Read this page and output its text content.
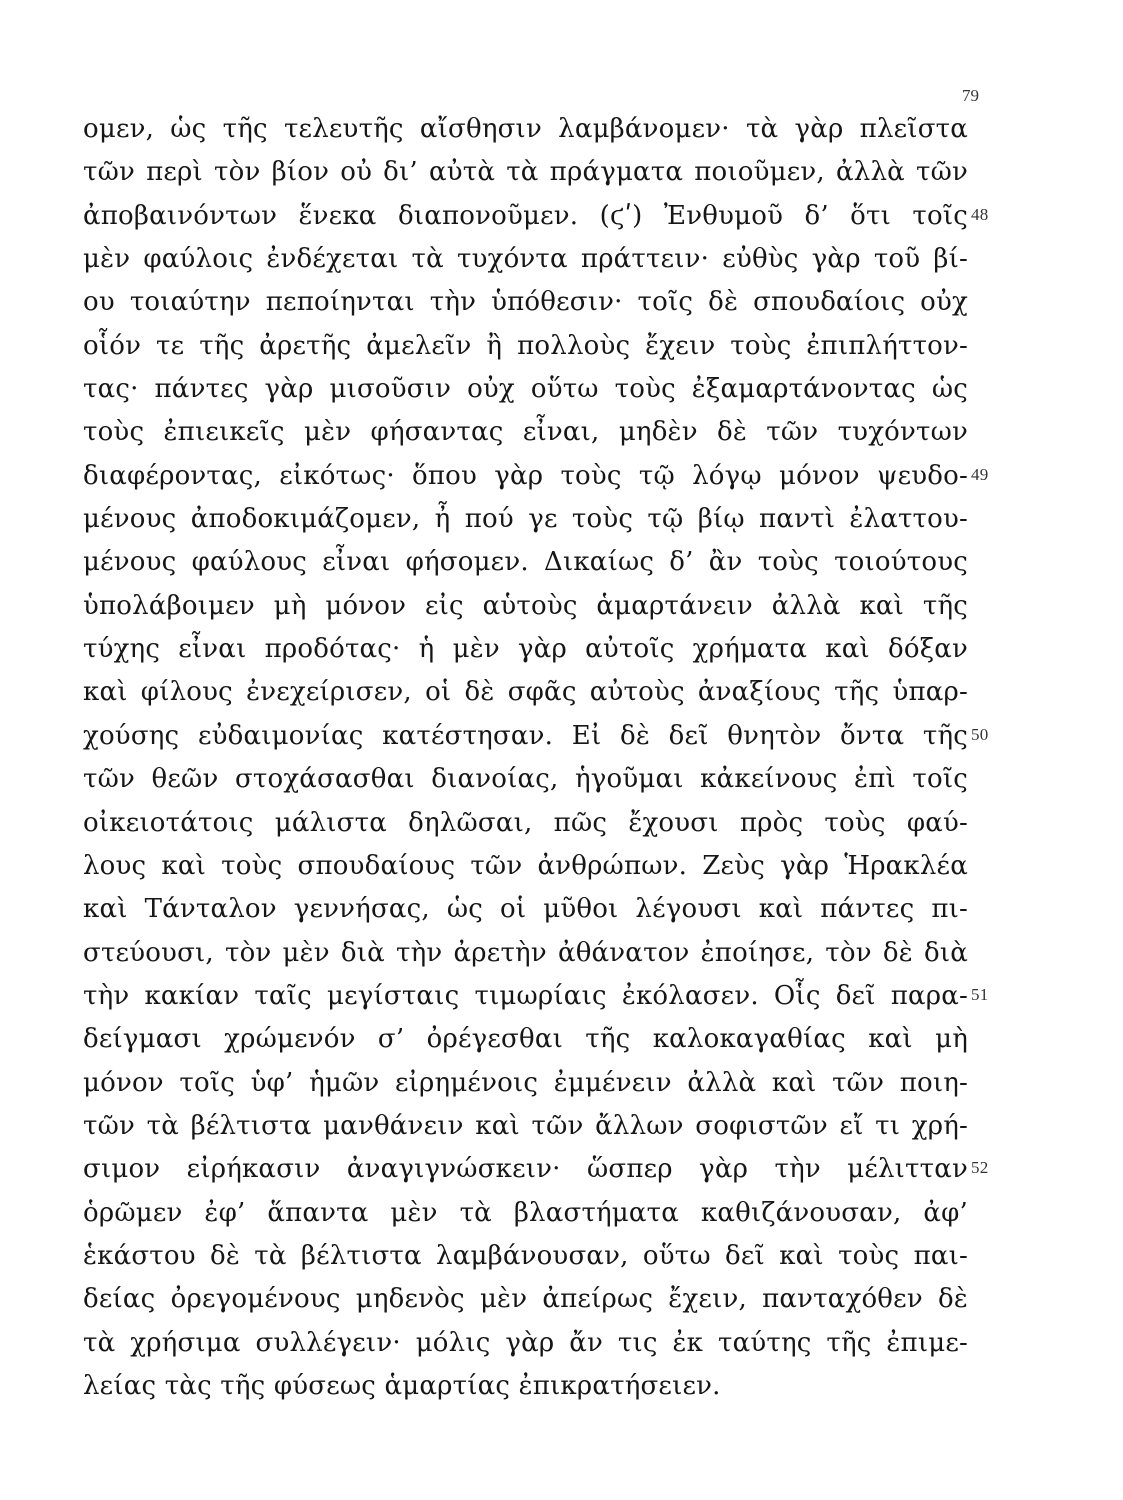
79
ομεν, ὡς τῆς τελευτῆς αἴσθησιν λαμβάνομεν· τὰ γὰρ πλεῖστα
τῶν περὶ τὸν βίον οὐ δι’ αὐτὰ τὰ πράγματα ποιοῦμεν, ἀλλὰ τῶν
ἀποβαινόντων ἕνεκα διαπονοῦμεν. (ϛʹ) Ἐνθυμοῦ δ’ ὅτι τοῖς 48
μὲν φαύλοις ἐνδέχεται τὰ τυχόντα πράττειν· εὐθὺς γὰρ τοῦ βί-
ου τοιαύτην πεποίηνται τὴν ὑπόθεσιν· τοῖς δὲ σπουδαίοις οὐχ
οἷόν τε τῆς ἀρετῆς ἀμελεῖν ἢ πολλοὺς ἔχειν τοὺς ἐπιπλήττον-
τας· πάντες γὰρ μισοῦσιν οὐχ οὕτω τοὺς ἐξαμαρτάνοντας ὡς
τοὺς ἐπιεικεῖς μὲν φήσαντας εἶναι, μηδὲν δὲ τῶν τυχόντων
διαφέροντας, εἰκότως· ὅπου γὰρ τοὺς τῷ λόγῳ μόνον ψευδο- 49
μένους ἀποδοκιμάζομεν, ἦ πού γε τοὺς τῷ βίῳ παντὶ ἐλαττου-
μένους φαύλους εἶναι φήσομεν. Δικαίως δ’ ἂν τοὺς τοιούτους
ὑπολάβοιμεν μὴ μόνον εἰς αὑτοὺς ἁμαρτάνειν ἀλλὰ καὶ τῆς
τύχης εἶναι προδότας· ἡ μὲν γὰρ αὐτοῖς χρήματα καὶ δόξαν
καὶ φίλους ἐνεχείρισεν, οἱ δὲ σφᾶς αὐτοὺς ἀναξίους τῆς ὑπαρ-
χούσης εὐδαιμονίας κατέστησαν. Εἰ δὲ δεῖ θνητὸν ὄντα τῆς 50
τῶν θεῶν στοχάσασθαι διανοίας, ἡγοῦμαι κἀκείνους ἐπὶ τοῖς
οἰκειοτάτοις μάλιστα δηλῶσαι, πῶς ἔχουσι πρὸς τοὺς φαύ-
λους καὶ τοὺς σπουδαίους τῶν ἀνθρώπων. Ζεὺς γὰρ Ἡρακλέα
καὶ Τάνταλον γεννήσας, ὡς οἱ μῦθοι λέγουσι καὶ πάντες πι-
στεύουσι, τὸν μὲν διὰ τὴν ἀρετὴν ἀθάνατον ἐποίησε, τὸν δὲ διὰ
τὴν κακίαν ταῖς μεγίσταις τιμωρίαις ἐκόλασεν. Οἷς δεῖ παρα- 51
δείγμασι χρώμενόν σ’ ὀρέγεσθαι τῆς καλοκαγαθίας καὶ μὴ
μόνον τοῖς ὑφ’ ἡμῶν εἰρημένοις ἐμμένειν ἀλλὰ καὶ τῶν ποιη-
τῶν τὰ βέλτιστα μανθάνειν καὶ τῶν ἄλλων σοφιστῶν εἴ τι χρή-
σιμον εἰρήκασιν ἀναγιγνώσκειν· ὥσπερ γὰρ τὴν μέλιτταν 52
ὁρῶμεν ἐφ’ ἅπαντα μὲν τὰ βλαστήματα καθιζάνουσαν, ἀφ’
ἑκάστου δὲ τὰ βέλτιστα λαμβάνουσαν, οὕτω δεῖ καὶ τοὺς παι-
δείας ὀρεγομένους μηδενὸς μὲν ἀπείρως ἔχειν, πανταχόθεν δὲ
τὰ χρήσιμα συλλέγειν· μόλις γὰρ ἄν τις ἐκ ταύτης τῆς ἐπιμε-
λείας τὰς τῆς φύσεως ἁμαρτίας ἐπικρατήσειεν.
